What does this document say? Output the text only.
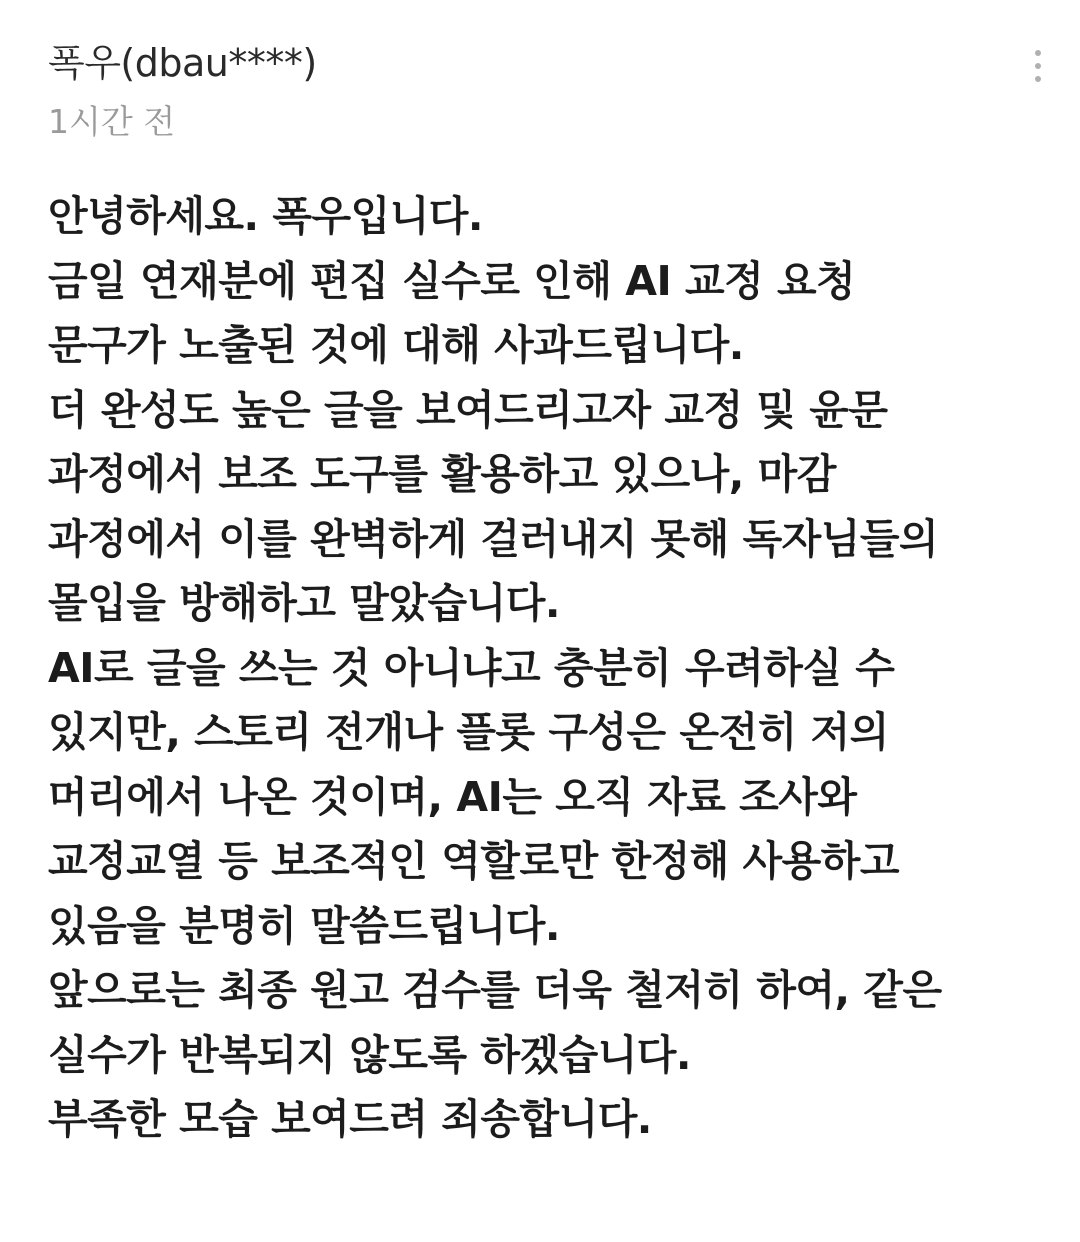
폭우(dbau****)
1시간 전
안녕하세요. 폭우입니다.
금일 연재분에 편집 실수로 인해 AI 교정 요청
문구가 노출된 것에 대해 사과드립니다.
더 완성도 높은 글을 보여드리고자 교정 및 윤문
과정에서 보조 도구를 활용하고 있으나, 마감
과정에서 이를 완벽하게 걸러내지 못해 독자님들의
몰입을 방해하고 말았습니다.
AI로 글을 쓰는 것 아니냐고 충분히 우려하실 수
있지만, 스토리 전개나 플롯 구성은 온전히 저의
머리에서 나온 것이며, AI는 오직 자료 조사와
교정교열 등 보조적인 역할로만 한정해 사용하고
있음을 분명히 말씀드립니다.
앞으로는 최종 원고 검수를 더욱 철저히 하여, 같은
실수가 반복되지 않도록 하겠습니다.
부족한 모습 보여드려 죄송합니다.
